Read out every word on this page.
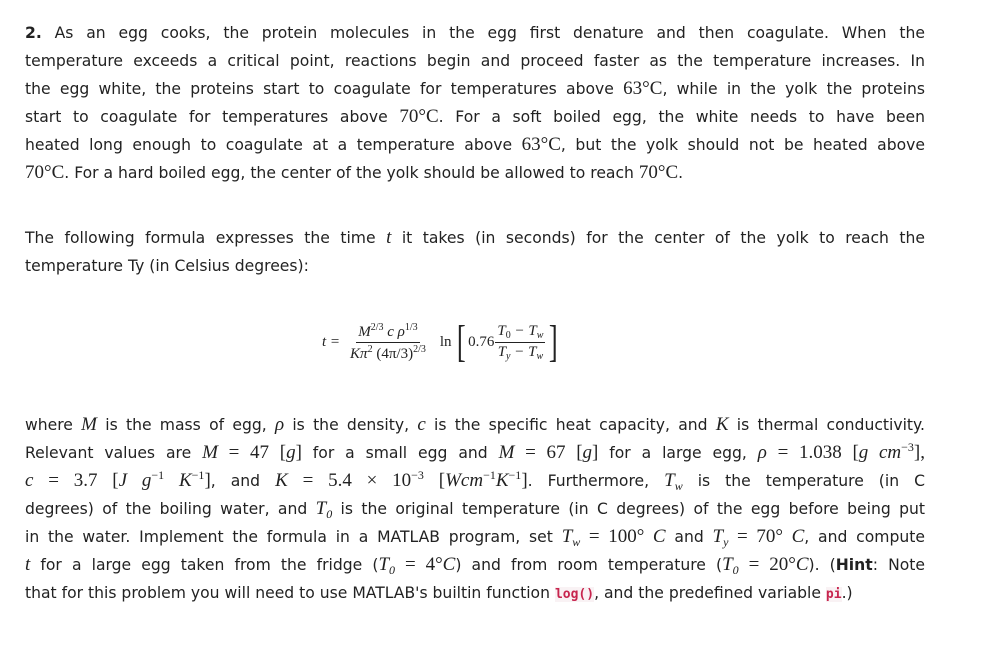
2. As an egg cooks, the protein molecules in the egg first denature and then coagulate. When the
temperature exceeds a critical point, reactions begin and proceed faster as the temperature increases. In
the egg white, the proteins start to coagulate for temperatures above 63°C, while in the yolk the proteins
start to coagulate for temperatures above 70°C. For a soft boiled egg, the white needs to have been
heated long enough to coagulate at a temperature above 63°C, but the yolk should not be heated above
70°C. For a hard boiled egg, the center of the yolk should be allowed to reach 70°C.
The following formula expresses the time t it takes (in seconds) for the center of the yolk to reach the
temperature Ty (in Celsius degrees):
$t = \frac{M^{2/3} c \rho^{1/3}}{K\pi^2 (4\pi/3)^{2/3}}$ ln [ $0.76 \frac{T_0 - T_w}{T_y - T_w}$ ]
where M is the mass of egg, ρ is the density, c is the specific heat capacity, and K is thermal conductivity.
Relevant values are M = 47 [g] for a small egg and M = 67 [g] for a large egg, ρ = 1.038 [g $cm^{-3}$],
c = 3.7 [J $g^{-1}$ $K^{-1}$], and $K = 5.4 \times 10^{-3}$ $[Wcm^{-1}K^{-1}]$. Furthermore, $T_w$ is the temperature (in C
degrees) of the boiling water, and $T_0$ is the original temperature (in C degrees) of the egg before being put
in the water. Implement the formula in a MATLAB program, set $T_w = 100^\circ$ C and $T_y = 70^\circ$ C, and compute
t for a large egg taken from the fridge $(T_0 = 4^\circ C)$ and from room temperature $(T_0 = 20^\circ C)$. (Hint: Note
that for this problem you will need to use MATLAB's builtin function log(), and the predefined variable pi.)
